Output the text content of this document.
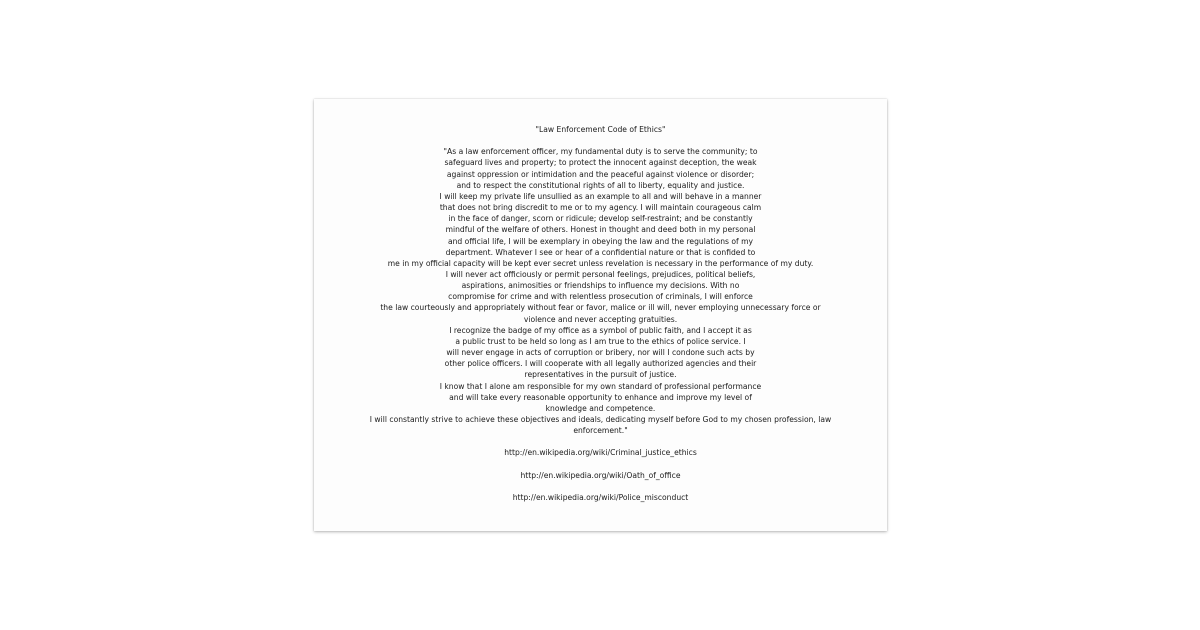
"Law Enforcement Code of Ethics"
"As a law enforcement officer, my fundamental duty is to serve the community; to
safeguard lives and property; to protect the innocent against deception, the weak
against oppression or intimidation and the peaceful against violence or disorder;
and to respect the constitutional rights of all to liberty, equality and justice.
I will keep my private life unsullied as an example to all and will behave in a manner
that does not bring discredit to me or to my agency. I will maintain courageous calm
in the face of danger, scorn or ridicule; develop self-restraint; and be constantly
mindful of the welfare of others. Honest in thought and deed both in my personal
and official life, I will be exemplary in obeying the law and the regulations of my
department. Whatever I see or hear of a confidential nature or that is confided to
me in my official capacity will be kept ever secret unless revelation is necessary in the performance of my duty.
I will never act officiously or permit personal feelings, prejudices, political beliefs,
aspirations, animosities or friendships to influence my decisions. With no
compromise for crime and with relentless prosecution of criminals, I will enforce
the law courteously and appropriately without fear or favor, malice or ill will, never employing unnecessary force or
violence and never accepting gratuities.
I recognize the badge of my office as a symbol of public faith, and I accept it as
a public trust to be held so long as I am true to the ethics of police service. I
will never engage in acts of corruption or bribery, nor will I condone such acts by
other police officers. I will cooperate with all legally authorized agencies and their
representatives in the pursuit of justice.
I know that I alone am responsible for my own standard of professional performance
and will take every reasonable opportunity to enhance and improve my level of
knowledge and competence.
I will constantly strive to achieve these objectives and ideals, dedicating myself before God to my chosen profession, law
enforcement."
http://en.wikipedia.org/wiki/Criminal_justice_ethics
http://en.wikipedia.org/wiki/Oath_of_office
http://en.wikipedia.org/wiki/Police_misconduct
